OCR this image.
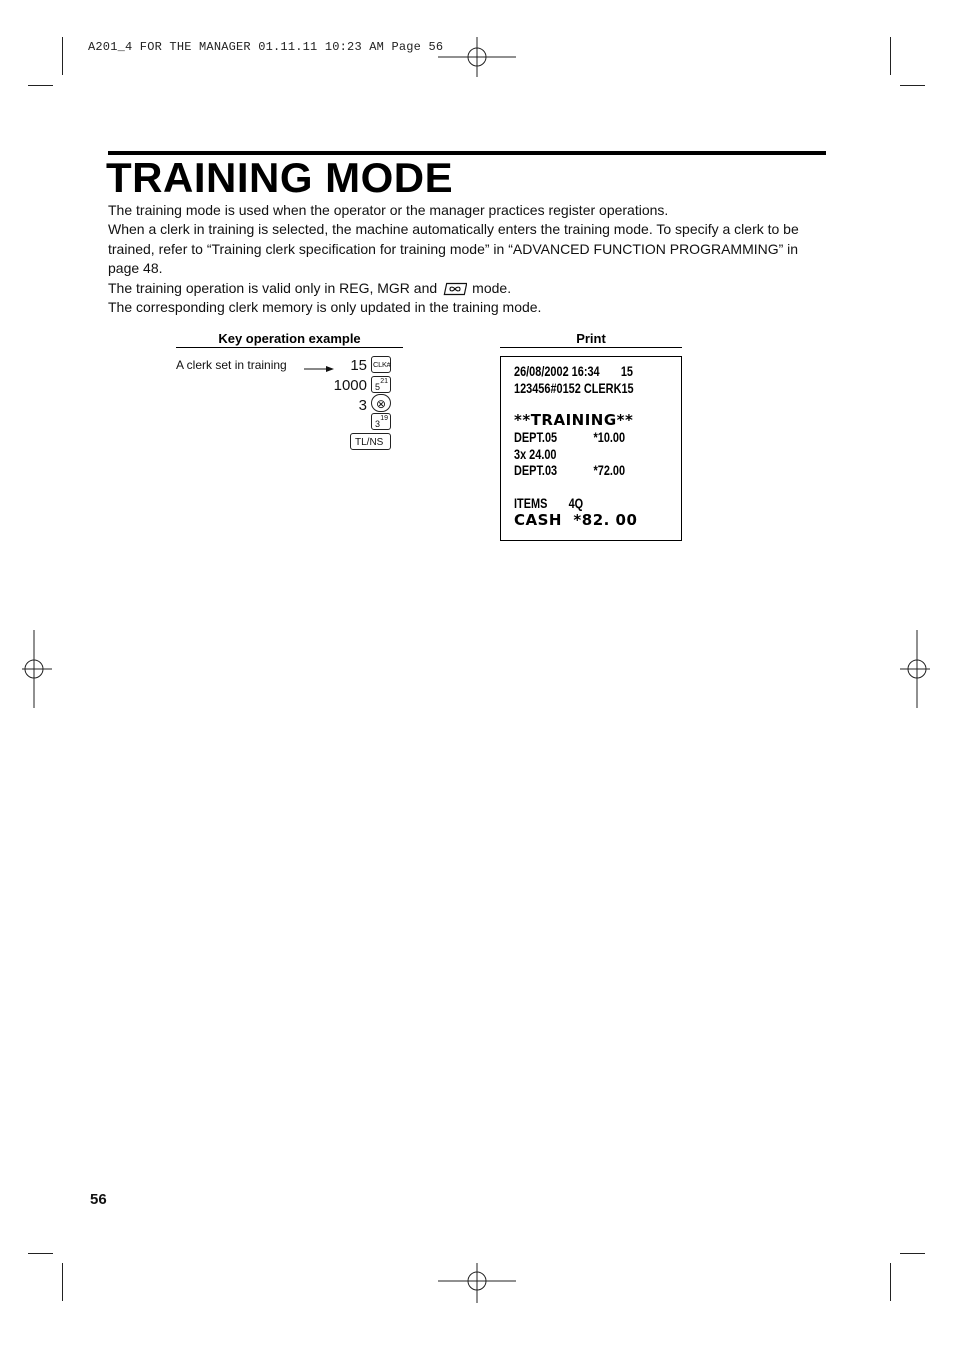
A201_4 FOR THE MANAGER 01.11.11 10:23 AM Page 56
TRAINING MODE

The training mode is used when the operator or the manager practices register operations.

When a clerk in training is selected, the machine automatically enters the training mode. To specify a clerk to be trained, refer to “Training clerk specification for training mode” in “ADVANCED FUNCTION PROGRAMMING” in page 48.

The training operation is valid only in REG, MGR and	mode.

The corresponding clerk memory is only updated in the training mode.

Key operation example
A clerk set in training	15 CLK#
1000 21
5
3 ⊗
19
3
TL/NS
Print
26/08/2002 16:34       15
123456#0152 CLERK15
**TRAINING**
DEPT.05            *10.00
3x 24.00
DEPT.03            *72.00
ITEMS       4Q
CASH  *82. 00
56
